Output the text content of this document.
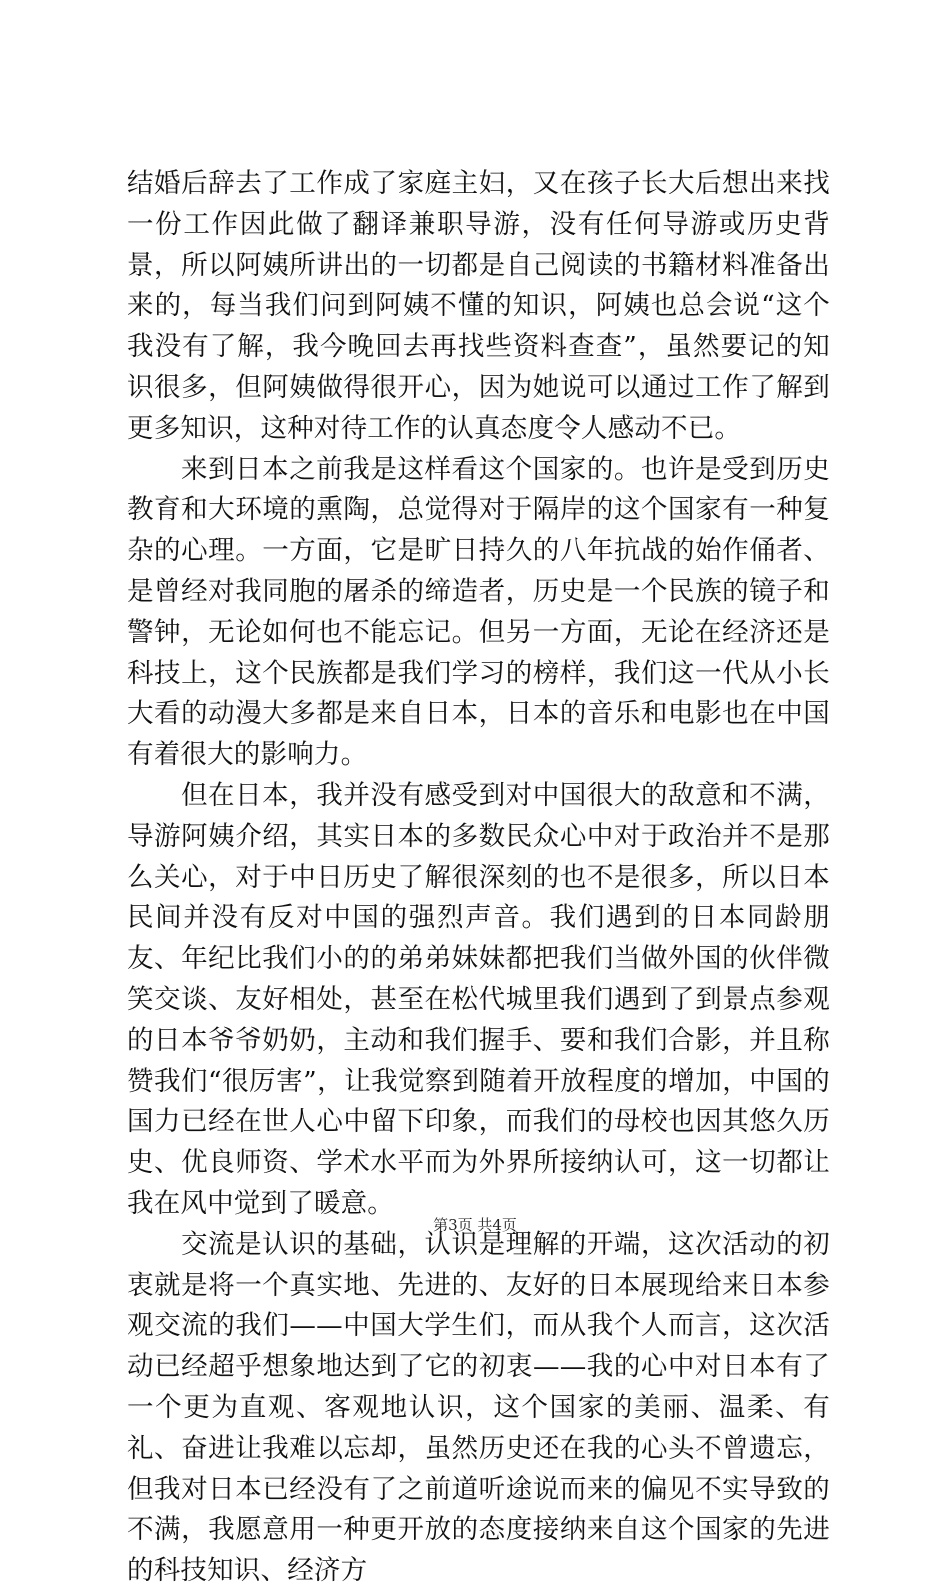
结婚后辞去了工作成了家庭主妇，又在孩子长大后想出来找一份工作因此做了翻译兼职导游，没有任何导游或历史背景，所以阿姨所讲出的一切都是自己阅读的书籍材料准备出来的，每当我们问到阿姨不懂的知识，阿姨也总会说“这个我没有了解，我今晚回去再找些资料查查”，虽然要记的知识很多，但阿姨做得很开心，因为她说可以通过工作了解到更多知识，这种对待工作的认真态度令人感动不已。

来到日本之前我是这样看这个国家的。也许是受到历史教育和大环境的熏陶，总觉得对于隔岸的这个国家有一种复杂的心理。一方面，它是旷日持久的八年抗战的始作俑者、是曾经对我同胞的屠杀的缔造者，历史是一个民族的镜子和警钟，无论如何也不能忘记。但另一方面，无论在经济还是科技上，这个民族都是我们学习的榜样，我们这一代从小长大看的动漫大多都是来自日本，日本的音乐和电影也在中国有着很大的影响力。

但在日本，我并没有感受到对中国很大的敌意和不满，导游阿姨介绍，其实日本的多数民众心中对于政治并不是那么关心，对于中日历史了解很深刻的也不是很多，所以日本民间并没有反对中国的强烈声音。我们遇到的日本同龄朋友、年纪比我们小的的弟弟妹妹都把我们当做外国的伙伴微笑交谈、友好相处，甚至在松代城里我们遇到了到景点参观的日本爷爷奶奶，主动和我们握手、要和我们合影，并且称赞我们“很厉害”，让我觉察到随着开放程度的增加，中国的国力已经在世人心中留下印象，而我们的母校也因其悠久历史、优良师资、学术水平而为外界所接纳认可，这一切都让我在风中觉到了暖意。

交流是认识的基础，认识是理解的开端，这次活动的初衷就是将一个真实地、先进的、友好的日本展现给来日本参观交流的我们——中国大学生们，而从我个人而言，这次活动已经超乎想象地达到了它的初衷——我的心中对日本有了一个更为直观、客观地认识，这个国家的美丽、温柔、有礼、奋进让我难以忘却，虽然历史还在我的心头不曾遗忘，但我对日本已经没有了之前道听途说而来的偏见不实导致的不满，我愿意用一种更开放的态度接纳来自这个国家的先进的科技知识、经济方

第3页 共4页
